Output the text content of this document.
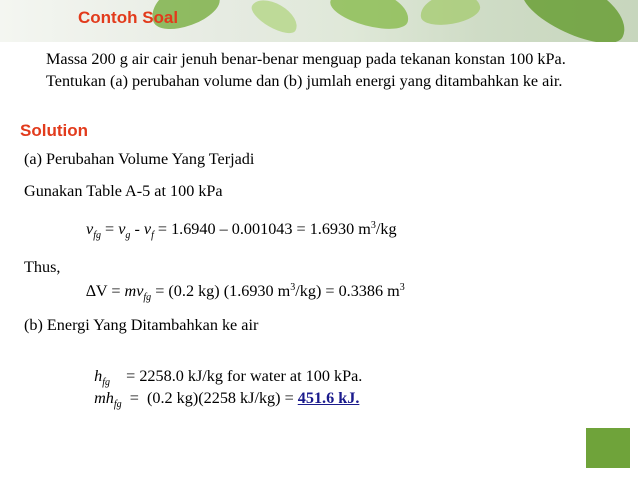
Contoh Soal

Massa 200 g air cair jenuh benar-benar menguap pada tekanan konstan 100 kPa. Tentukan (a) perubahan volume dan (b) jumlah energi yang ditambahkan ke air.

Solution
(a) Perubahan Volume Yang Terjadi
Gunakan Table A-5 at 100 kPa
$v_{fg} = v_g - v_f = 1.6940 - 0.001043 = 1.6930$ $m^3/kg$
Thus,
$\Delta V = mv_{fg} = (0.2$ kg) (1.6930 $m^3/kg) = 0.3386$ $m^3$
(b) Energi Yang Ditambahkan ke air

$h_{fg}$    = 2258.0 kJ/kg for water at 100 kPa.

$mh_{fg} = (0.2$ kg)(2258 kJ/kg) = 451.6 kJ.
